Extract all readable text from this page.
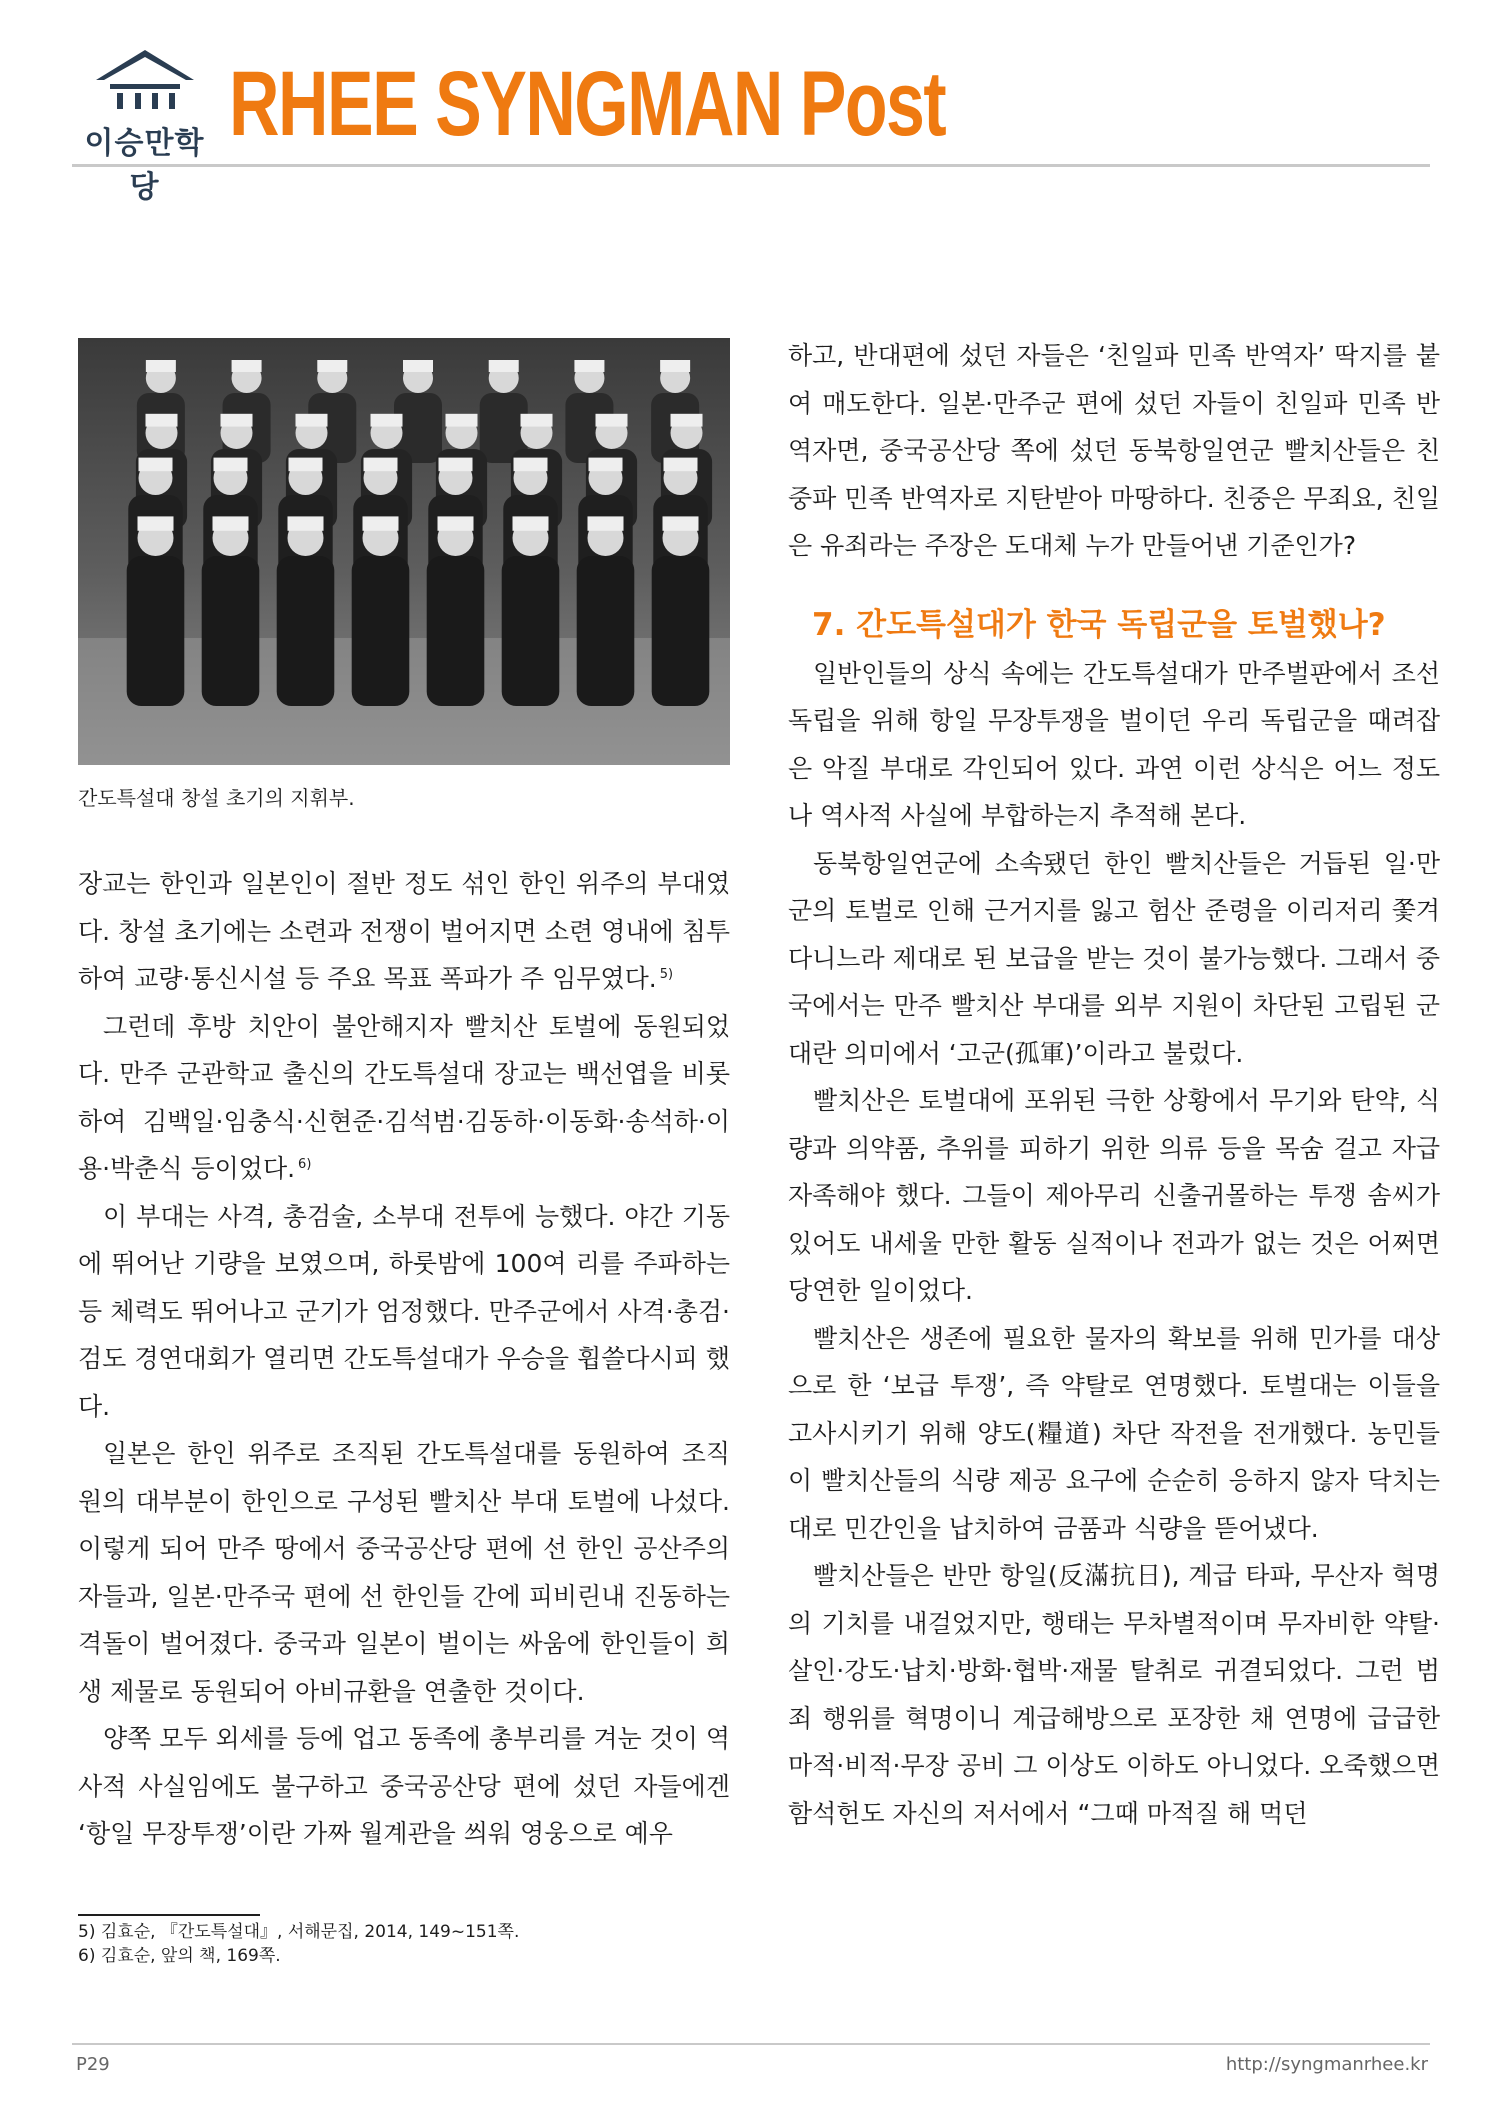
이승만학당
RHEE SYNGMAN Post
간도특설대 창설 초기의 지휘부.

장교는 한인과 일본인이 절반 정도 섞인 한인 위주의 부대였다. 창설 초기에는 소련과 전쟁이 벌어지면 소련 영내에 침투하여 교량·통신시설 등 주요 목표 폭파가 주 임무였다. $^{5)}$

그런데 후방 치안이 불안해지자 빨치산 토벌에 동원되었다. 만주 군관학교 출신의 간도특설대 장교는 백선엽을 비롯하여 김백일·임충식·신현준·김석범·김동하·이동화·송석하·이용·박춘식 등이었다. $^{6)}$

이 부대는 사격, 총검술, 소부대 전투에 능했다. 야간 기동에 뛰어난 기량을 보였으며, 하룻밤에 100여 리를 주파하는 등 체력도 뛰어나고 군기가 엄정했다. 만주군에서 사격·총검·검도 경연대회가 열리면 간도특설대가 우승을 휩쓸다시피 했다.

일본은 한인 위주로 조직된 간도특설대를 동원하여 조직원의 대부분이 한인으로 구성된 빨치산 부대 토벌에 나섰다. 이렇게 되어 만주 땅에서 중국공산당 편에 선 한인 공산주의자들과, 일본·만주국 편에 선 한인들 간에 피비린내 진동하는 격돌이 벌어졌다. 중국과 일본이 벌이는 싸움에 한인들이 희생 제물로 동원되어 아비규환을 연출한 것이다.

양쪽 모두 외세를 등에 업고 동족에 총부리를 겨눈 것이 역사적 사실임에도 불구하고 중국공산당 편에 섰던 자들에겐 ‘항일 무장투쟁’이란 가짜 월계관을 씌워 영웅으로 예우

하고, 반대편에 섰던 자들은 ‘친일파 민족 반역자’ 딱지를 붙여 매도한다. 일본·만주군 편에 섰던 자들이 친일파 민족 반역자면, 중국공산당 쪽에 섰던 동북항일연군 빨치산들은 친중파 민족 반역자로 지탄받아 마땅하다. 친중은 무죄요, 친일은 유죄라는 주장은 도대체 누가 만들어낸 기준인가?

7. 간도특설대가 한국 독립군을 토벌했나?

일반인들의 상식 속에는 간도특설대가 만주벌판에서 조선 독립을 위해 항일 무장투쟁을 벌이던 우리 독립군을 때려잡은 악질 부대로 각인되어 있다. 과연 이런 상식은 어느 정도나 역사적 사실에 부합하는지 추적해 본다.

동북항일연군에 소속됐던 한인 빨치산들은 거듭된 일·만군의 토벌로 인해 근거지를 잃고 험산 준령을 이리저리 쫓겨 다니느라 제대로 된 보급을 받는 것이 불가능했다. 그래서 중국에서는 만주 빨치산 부대를 외부 지원이 차단된 고립된 군대란 의미에서 ‘고군(孤軍)’이라고 불렀다.

빨치산은 토벌대에 포위된 극한 상황에서 무기와 탄약, 식량과 의약품, 추위를 피하기 위한 의류 등을 목숨 걸고 자급자족해야 했다. 그들이 제아무리 신출귀몰하는 투쟁 솜씨가 있어도 내세울 만한 활동 실적이나 전과가 없는 것은 어쩌면 당연한 일이었다.

빨치산은 생존에 필요한 물자의 확보를 위해 민가를 대상으로 한 ‘보급 투쟁’, 즉 약탈로 연명했다. 토벌대는 이들을 고사시키기 위해 양도(糧道) 차단 작전을 전개했다. 농민들이 빨치산들의 식량 제공 요구에 순순히 응하지 않자 닥치는 대로 민간인을 납치하여 금품과 식량을 뜯어냈다.

빨치산들은 반만 항일(反滿抗日), 계급 타파, 무산자 혁명의 기치를 내걸었지만, 행태는 무차별적이며 무자비한 약탈·살인·강도·납치·방화·협박·재물 탈취로 귀결되었다. 그런 범죄 행위를 혁명이니 계급해방으로 포장한 채 연명에 급급한 마적·비적·무장 공비 그 이상도 이하도 아니었다. 오죽했으면 함석헌도 자신의 저서에서 “그때 마적질 해 먹던

5) 김효순, 『간도특설대』, 서해문집, 2014, 149~151쪽.
6) 김효순, 앞의 책, 169쪽.
P29	http://syngmanrhee.kr
